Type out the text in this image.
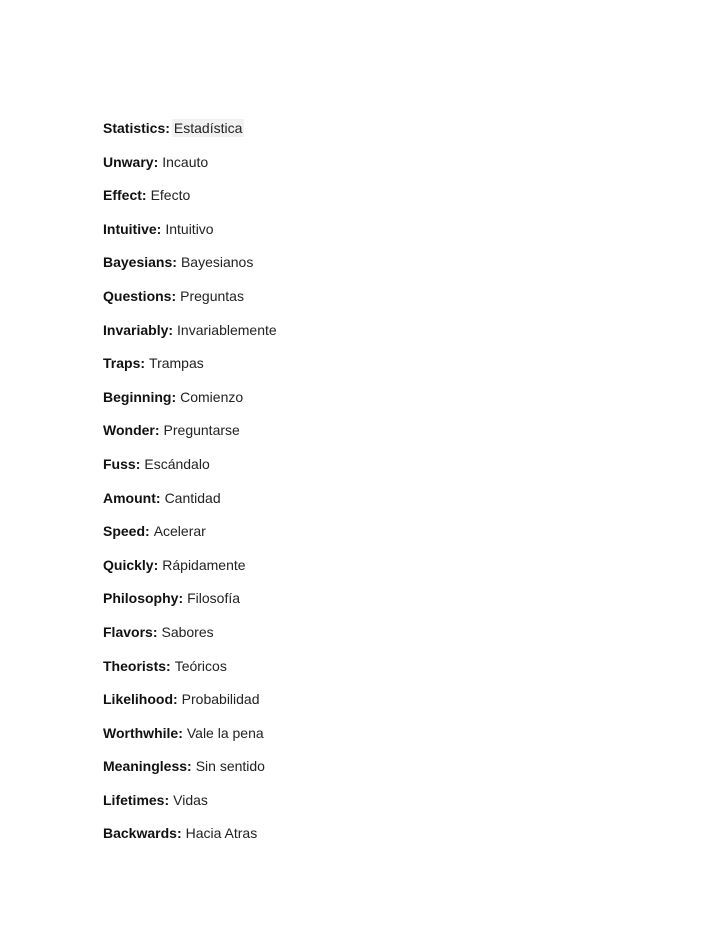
Statistics: Estadística
Unwary: Incauto
Effect: Efecto
Intuitive: Intuitivo
Bayesians: Bayesianos
Questions: Preguntas
Invariably: Invariablemente
Traps: Trampas
Beginning: Comienzo
Wonder: Preguntarse
Fuss: Escándalo
Amount: Cantidad
Speed: Acelerar
Quickly: Rápidamente
Philosophy: Filosofía
Flavors: Sabores
Theorists: Teóricos
Likelihood: Probabilidad
Worthwhile: Vale la pena
Meaningless: Sin sentido
Lifetimes: Vidas
Backwards: Hacia Atras
